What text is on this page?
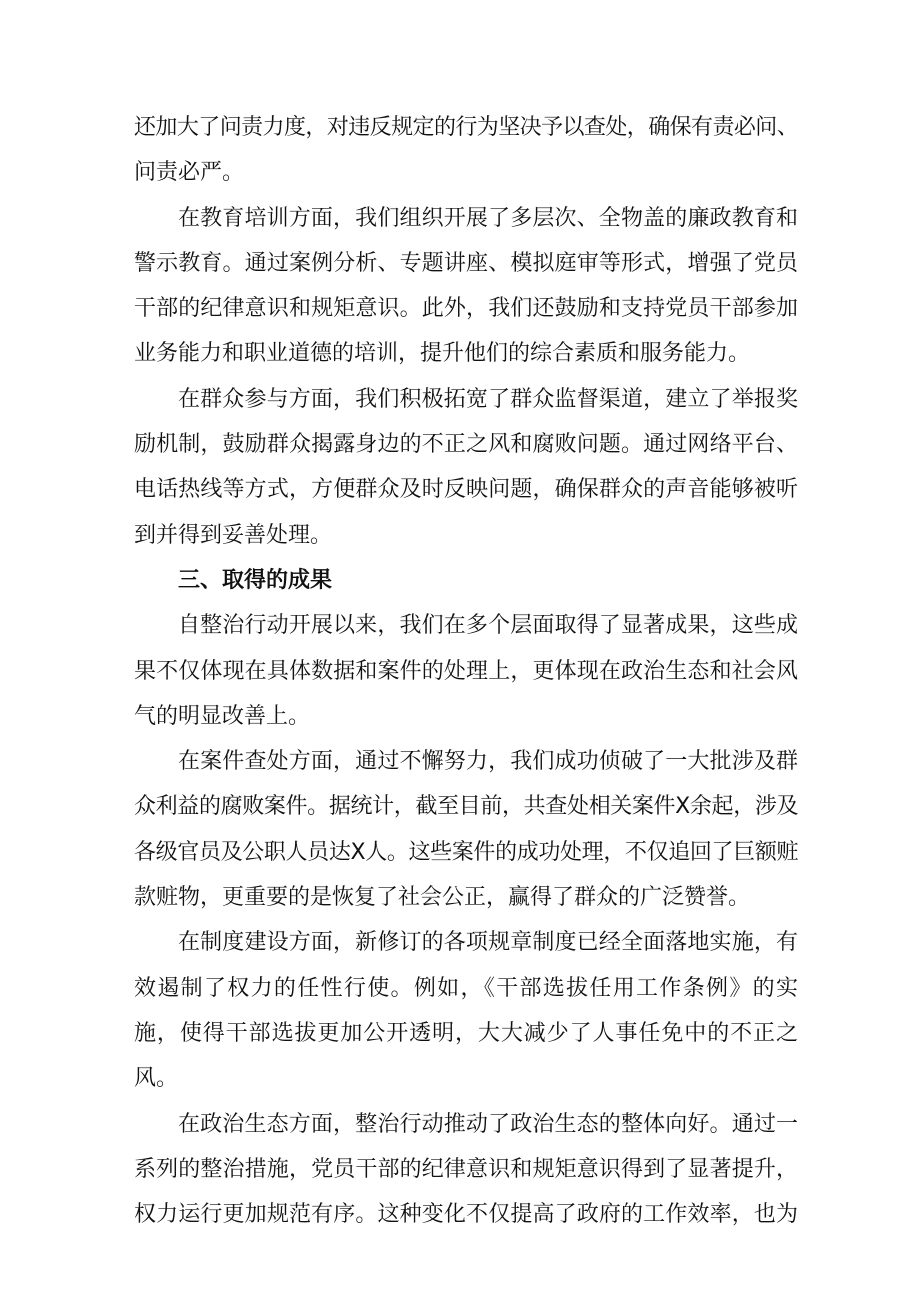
还加大了问责力度，对违反规定的行为坚决予以查处，确保有责必问、
问责必严。
在教育培训方面，我们组织开展了多层次、全物盖的廉政教育和
警示教育。通过案例分析、专题讲座、模拟庭审等形式，增强了党员
干部的纪律意识和规矩意识。此外，我们还鼓励和支持党员干部参加
业务能力和职业道德的培训，提升他们的综合素质和服务能力。
在群众参与方面，我们积极拓宽了群众监督渠道，建立了举报奖
励机制，鼓励群众揭露身边的不正之风和腐败问题。通过网络平台、
电话热线等方式，方便群众及时反映问题，确保群众的声音能够被听
到并得到妥善处理。
三、取得的成果
自整治行动开展以来，我们在多个层面取得了显著成果，这些成
果不仅体现在具体数据和案件的处理上，更体现在政治生态和社会风
气的明显改善上。
在案件查处方面，通过不懈努力，我们成功侦破了一大批涉及群
众利益的腐败案件。据统计，截至目前，共查处相关案件X余起，涉及
各级官员及公职人员达X人。这些案件的成功处理，不仅追回了巨额赃
款赃物，更重要的是恢复了社会公正，赢得了群众的广泛赞誉。
在制度建设方面，新修订的各项规章制度已经全面落地实施，有
效遏制了权力的任性行使。例如，《干部选拔任用工作条例》的实
施，使得干部选拔更加公开透明，大大减少了人事任免中的不正之
风。
在政治生态方面，整治行动推动了政治生态的整体向好。通过一
系列的整治措施，党员干部的纪律意识和规矩意识得到了显著提升，
权力运行更加规范有序。这种变化不仅提高了政府的工作效率，也为
